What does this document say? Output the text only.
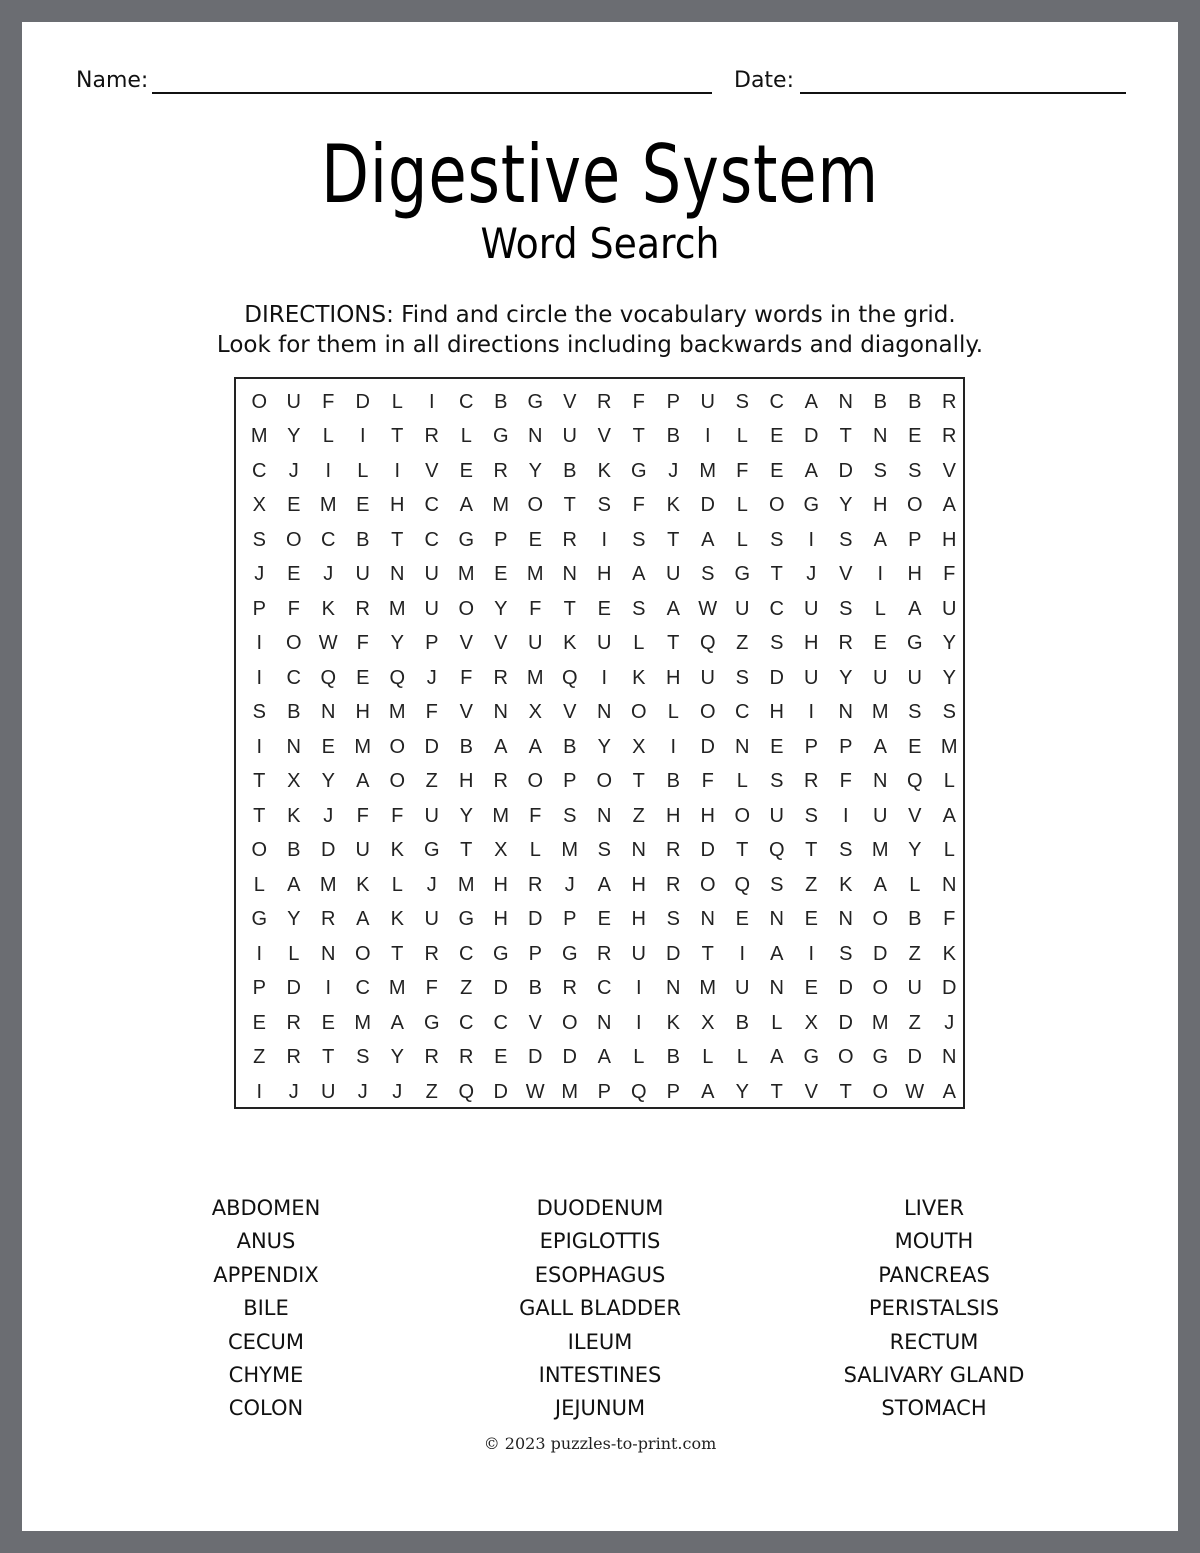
Name:	Date:
Digestive System
Word Search
DIRECTIONS: Find and circle the vocabulary words in the grid.
Look for them in all directions including backwards and diagonally.
O U	F	D	L	I	C	B	G	V	R	F	P	U	S	C	A	N	B	B	R
M Y	L	I	T	R	L	G N	U	V	T	B	I	L	E	D	T	N	E	R
C	J	I	L	I	V	E	R	Y	B	K	G	J	M	F	E	A	D	S	S	V
X	E M E	H	C	A M O	T	S	F	K	D	L	O G	Y	H O	A
S	O C	B	T	C G	P	E	R	I	S	T	A	L	S	I	S	A	P	H
J	E	J	U	N	U M E M N	H	A	U	S	G	T	J	V	I	H	F
P	F	K	R M U O	Y	F	T	E	S	A W U	C	U	S	L	A	U
I	O W F	Y	P	V	V	U	K	U	L	T	Q	Z	S	H	R	E	G	Y
I	C Q	E	Q	J	F	R M Q	I	K	H	U	S	D	U	Y	U	U	Y
S	B	N	H M	F	V	N	X	V	N O	L	O C	H	I	N M S	S
I	N	E M O D	B	A	A	B	Y	X	I	D	N	E	P	P	A	E M
T	X	Y	A	O	Z	H	R O	P	O	T	B	F	L	S	R	F	N Q	L
T	K	J	F	F	U	Y M	F	S	N	Z	H	H O U	S	I	U	V	A
O	B	D	U	K	G	T	X	L	M S	N	R	D	T	Q	T	S M Y	L
L	A M K	L	J	M H	R	J	A	H	R O Q	S	Z	K	A	L	N
G	Y	R	A	K	U G H	D	P	E	H	S	N	E	N	E	N O	B	F
I	L	N O	T	R	C G	P	G R	U	D	T	I	A	I	S	D	Z	K
P	D	I	C M	F	Z	D	B	R	C	I	N M U	N	E	D O U	D
E	R	E M A	G C	C	V	O N	I	K	X	B	L	X	D M	Z	J
Z	R	T	S	Y	R	R	E	D	D	A	L	B	L	L	A	G O G D	N
I	J	U	J	J	Z	Q D W M P	Q	P	A	Y	T	V	T	O W A
ABDOMEN
ANUS
APPENDIX
BILE
CECUM
CHYME
COLON
DUODENUM
EPIGLOTTIS
ESOPHAGUS
GALL BLADDER
ILEUM
INTESTINES
JEJUNUM
LIVER
MOUTH
PANCREAS
PERISTALSIS
RECTUM
SALIVARY GLAND
STOMACH
© 2023 puzzles-to-print.com
